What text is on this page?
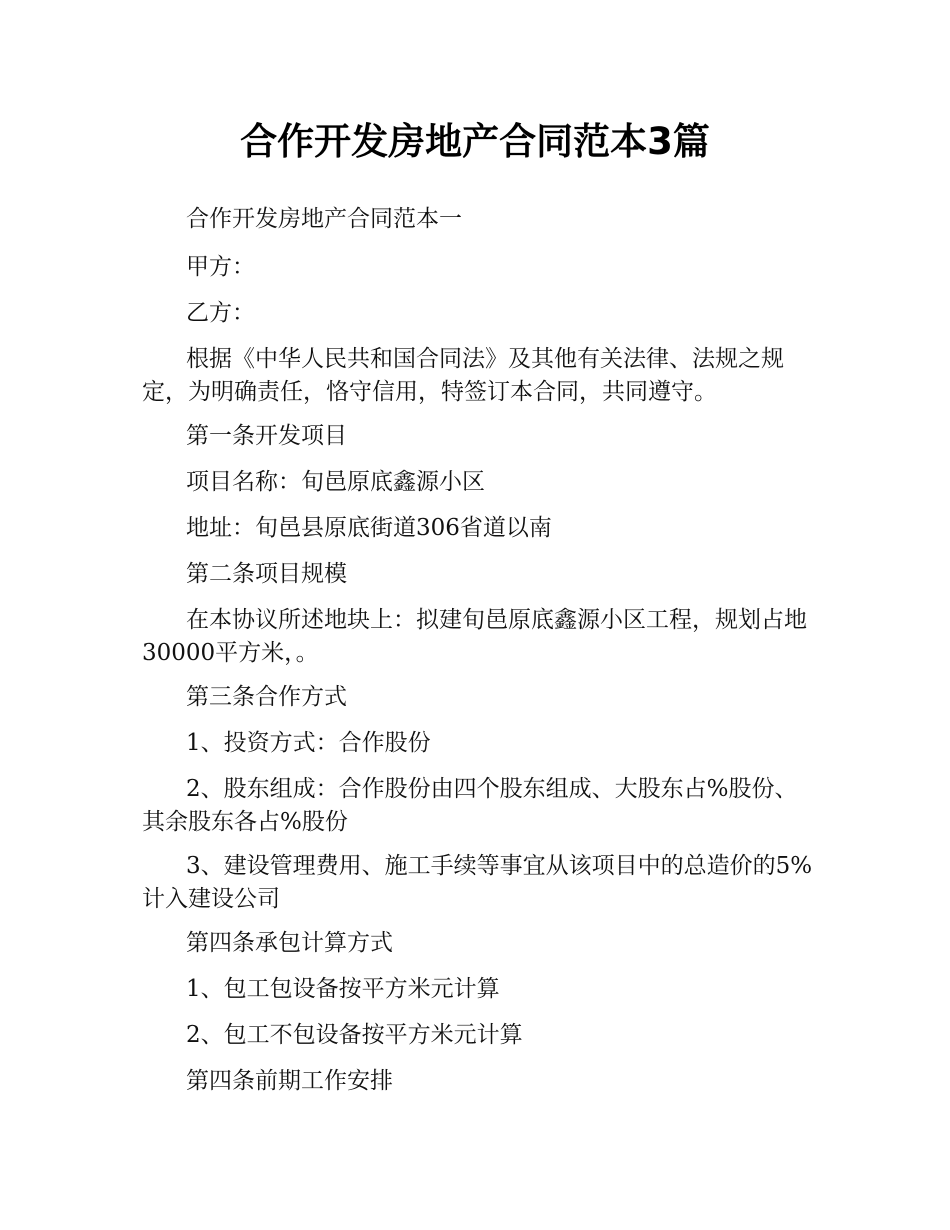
合作开发房地产合同范本3篇

合作开发房地产合同范本一

甲方：

乙方：

根据《中华人民共和国合同法》及其他有关法律、法规之规定，为明确责任，恪守信用，特签订本合同，共同遵守。

第一条开发项目

项目名称：旬邑原底鑫源小区

地址：旬邑县原底街道306省道以南

第二条项目规模

在本协议所述地块上：拟建旬邑原底鑫源小区工程，规划占地30000平方米，。

第三条合作方式

1、投资方式：合作股份

2、股东组成：合作股份由四个股东组成、大股东占%股份、其余股东各占%股份

3、建设管理费用、施工手续等事宜从该项目中的总造价的5%计入建设公司

第四条承包计算方式

1、包工包设备按平方米元计算

2、包工不包设备按平方米元计算

第四条前期工作安排
